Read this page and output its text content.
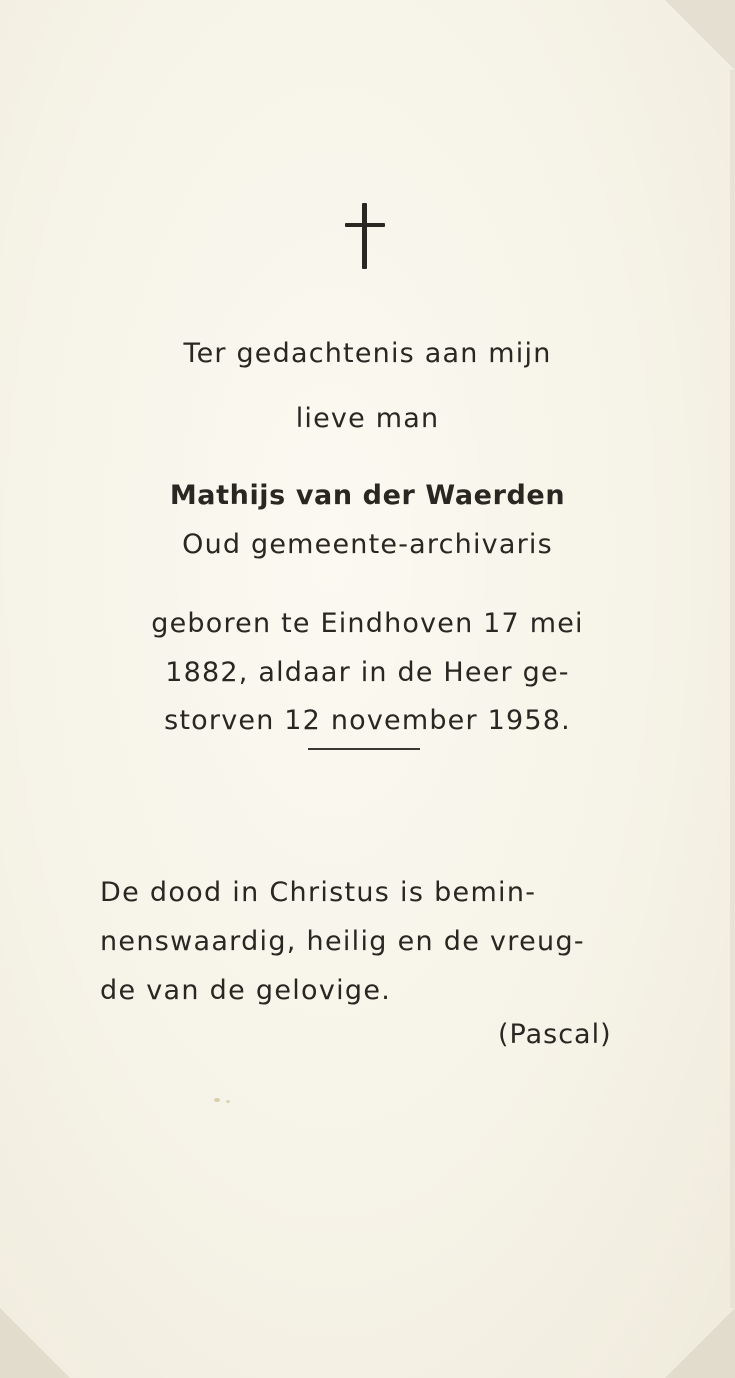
Ter gedachtenis aan mijn
lieve man
Mathijs van der Waerden
Oud gemeente-archivaris
geboren te Eindhoven 17 mei
1882, aldaar in de Heer ge-
storven 12 november 1958.
De dood in Christus is bemin-
nenswaardig, heilig en de vreug-
de van de gelovige.
(Pascal)
